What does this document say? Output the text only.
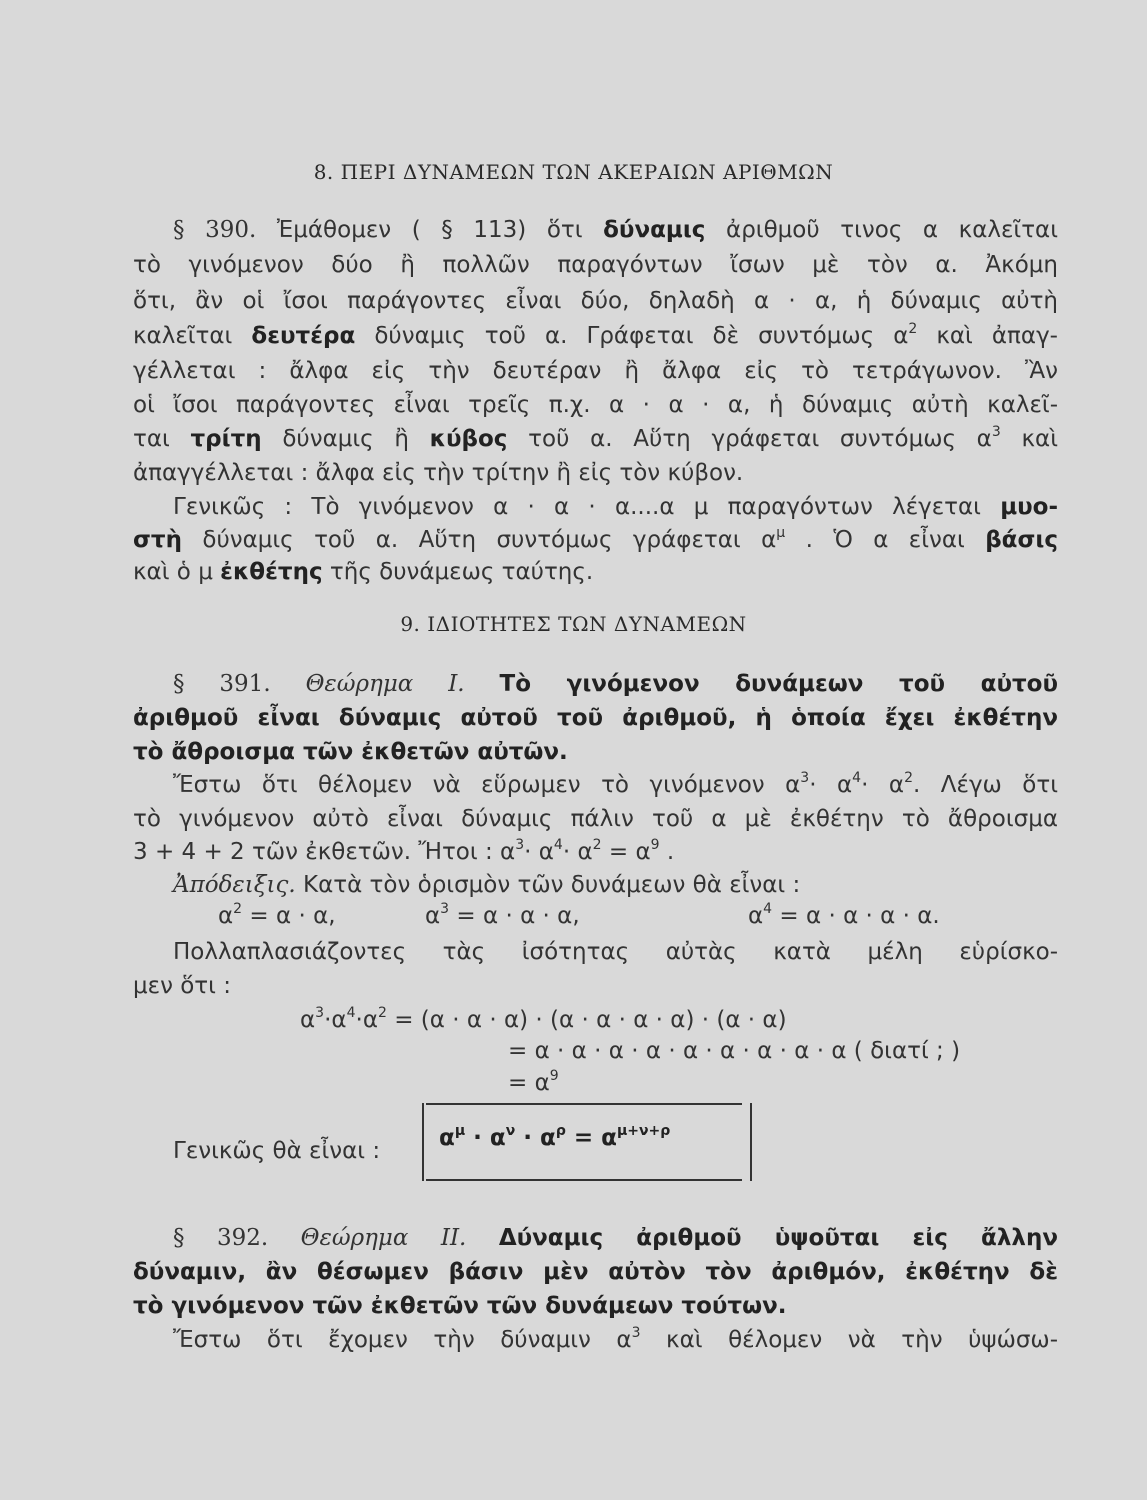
8. ΠΕΡΙ ΔΥΝΑΜΕΩΝ ΤΩΝ ΑΚΕΡΑΙΩΝ ΑΡΙΘΜΩΝ
§ 390. Ἐμάθομεν ( § 113) ὅτι δύναμις ἀριθμοῦ τινος α καλεῖται
τὸ γινόμενον δύο ἢ πολλῶν παραγόντων ἴσων μὲ τὸν α. Ἀκόμη
ὅτι, ἂν οἱ ἴσοι παράγοντες εἶναι δύο, δηλαδὴ α · α, ἡ δύναμις αὐτὴ
καλεῖται δευτέρα δύναμις τοῦ α. Γράφεται δὲ συντόμως $\alpha^2$ καὶ ἀπαγ-
γέλλεται : ἄλφα εἰς τὴν δευτέραν ἢ ἄλφα εἰς τὸ τετράγωνον. Ἂν
οἱ ἴσοι παράγοντες εἶναι τρεῖς π.χ. α · α · α, ἡ δύναμις αὐτὴ καλεῖ-
ται τρίτη δύναμις ἢ κύβος τοῦ α. Αὕτη γράφεται συντόμως $\alpha^3$ καὶ
ἀπαγγέλλεται : ἄλφα εἰς τὴν τρίτην ἢ εἰς τὸν κύβον.
Γενικῶς : Τὸ γινόμενον α · α · α....α μ παραγόντων λέγεται μυο-
στὴ δύναμις τοῦ α. Αὕτη συντόμως γράφεται $\alpha^\mu$ . Ὁ α εἶναι βάσις
καὶ ὁ μ ἐκθέτης τῆς δυνάμεως ταύτης.
9. ΙΔΙΟΤΗΤΕΣ ΤΩΝ ΔΥΝΑΜΕΩΝ
§ 391. Θεώρημα I. Τὸ γινόμενον δυνάμεων τοῦ αὐτοῦ
ἀριθμοῦ εἶναι δύναμις αὐτοῦ τοῦ ἀριθμοῦ, ἡ ὁποία ἔχει ἐκθέτην
τὸ ἄθροισμα τῶν ἐκθετῶν αὐτῶν.
Ἔστω ὅτι θέλομεν νὰ εὕρωμεν τὸ γινόμενον $\alpha^3\cdot \alpha^4\cdot \alpha^2$. Λέγω ὅτι
τὸ γινόμενον αὐτὸ εἶναι δύναμις πάλιν τοῦ α μὲ ἐκθέτην τὸ ἄθροισμα
3 + 4 + 2 τῶν ἐκθετῶν. Ἤτοι : $\alpha^3\cdot \alpha^4\cdot \alpha^2 = \alpha^9$ .
Ἀπόδειξις. Κατὰ τὸν ὁρισμὸν τῶν δυνάμεων θὰ εἶναι :
$\alpha^2 = \alpha \cdot \alpha$,	$\alpha^3 = \alpha \cdot \alpha \cdot \alpha$,	$\alpha^4 = \alpha \cdot \alpha \cdot \alpha \cdot \alpha$.
Πολλαπλασιάζοντες τὰς ἰσότητας αὐτὰς κατὰ μέλη εὑρίσκο-
μεν ὅτι :
$\alpha^3\cdot\alpha^4\cdot\alpha^2 = (\alpha \cdot \alpha \cdot \alpha) \cdot (\alpha \cdot \alpha \cdot \alpha \cdot \alpha) \cdot (\alpha \cdot \alpha)$
= α · α · α · α · α · α · α · α · α ( διατί ; )
= $\alpha^9$
Γενικῶς θὰ εἶναι :	$\alpha^\mu \cdot \alpha^\nu \cdot \alpha^\rho = \alpha^{\mu+\nu+\rho}$
§ 392. Θεώρημα II. Δύναμις ἀριθμοῦ ὑψοῦται εἰς ἄλλην
δύναμιν, ἂν θέσωμεν βάσιν μὲν αὐτὸν τὸν ἀριθμόν, ἐκθέτην δὲ
τὸ γινόμενον τῶν ἐκθετῶν τῶν δυνάμεων τούτων.
Ἔστω ὅτι ἔχομεν τὴν δύναμιν $\alpha^3$ καὶ θέλομεν νὰ τὴν ὑψώσω-
